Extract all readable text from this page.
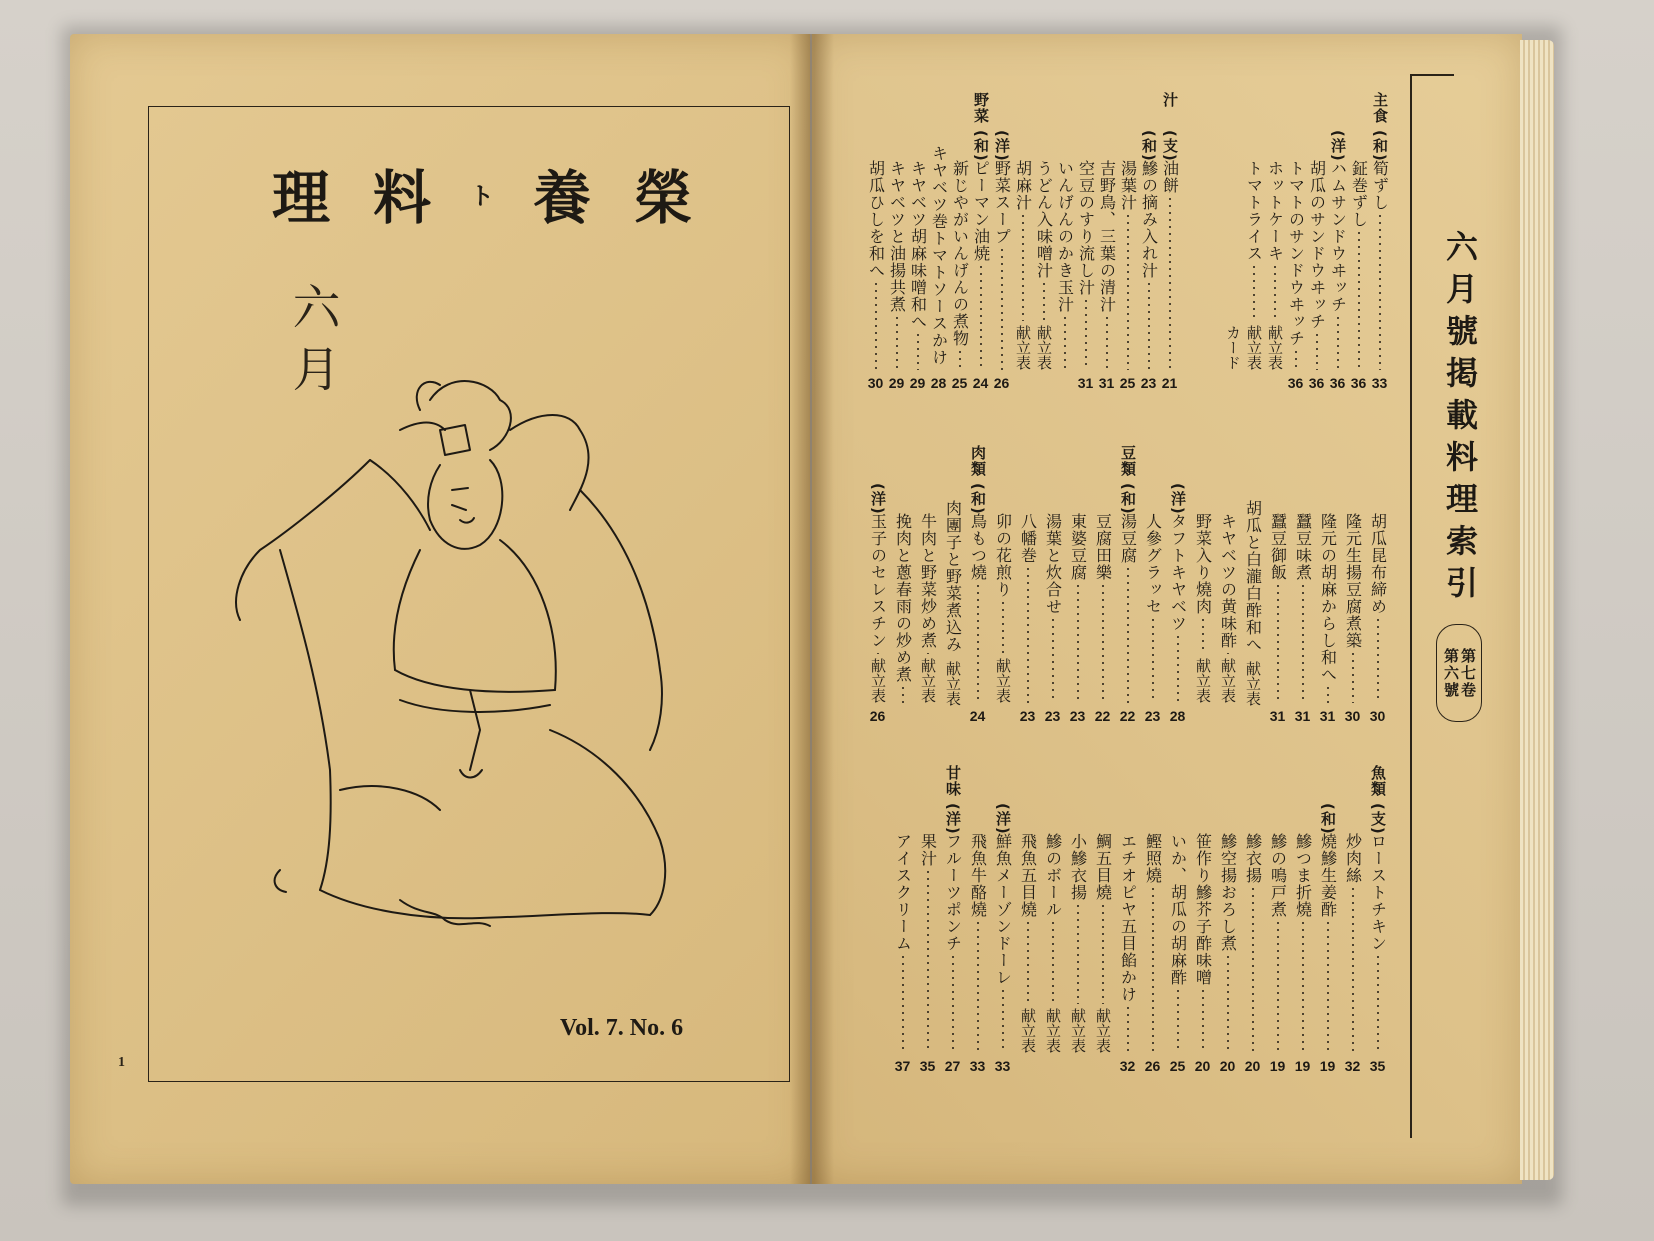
理 料 ト 養 榮
六月
Vol. 7. No. 6
1
六月號掲載料理索引
第七卷
第六號
主食
(和)
筍ずし
33
鉦巻ずし
36
(洋)
ハムサンドウヰッチ
36
胡瓜のサンドウヰッチ
36
トマトのサンドウヰッチ
36
ホットケーキ
献立表
トマトライス
献立表
カード
汁
(支)
油餅
21
(和)
鰺の摘み入れ汁
23
湯葉汁
25
吉野鳥、三葉の清汁
31
空豆のすり流し汁
31
いんげんのかき玉汁
うどん入味噌汁
献立表
胡麻汁
献立表
(洋)
野菜スープ
26
野菜
(和)
ピーマン油焼
24
新じやがいんげんの煮物
25
キヤベツ巻トマトソースかけ
28
キヤベツ胡麻味噌和へ
29
キヤベツと油揚共煮
29
胡瓜ひしを和へ
30
胡瓜昆布締め
30
隆元生揚豆腐煮築
30
隆元の胡麻からし和へ
31
蠶豆味煮
31
蠶豆御飯
31
胡瓜と白瀧白酢和へ
献立表
キヤベツの黄味酢
献立表
野菜入り燒肉
献立表
(洋)
タフトキヤベツ
28
人參グラッセ
23
豆類
(和)
湯豆腐
22
豆腐田樂
22
東婆豆腐
23
湯葉と炊合せ
23
八幡巻
23
卯の花煎り
献立表
肉類
(和)
鳥もつ燒
24
肉團子と野菜煮込み
献立表
牛肉と野菜炒め煮
献立表
挽肉と蔥春雨の炒め煮
(洋)
玉子のセレスチン
献立表
26
魚類
(支)
ローストチキン
35
炒肉絲
32
(和)
燒鰺生姜酢
19
鰺つま折燒
19
鰺の鳴戸煮
19
鰺衣揚
20
鰺空揚おろし煮
20
笹作り鰺芥子酢味噌
20
いか、胡瓜の胡麻酢
25
鰹照燒
26
エチオピヤ五目餡かけ
32
鯛五目燒
献立表
小鰺衣揚
献立表
鰺のボール
献立表
飛魚五目燒
献立表
(洋)
鮮魚メーゾンドーレ
33
飛魚牛酪燒
33
甘味
(洋)
フルーツポンチ
27
果汁
35
アイスクリーム
37
